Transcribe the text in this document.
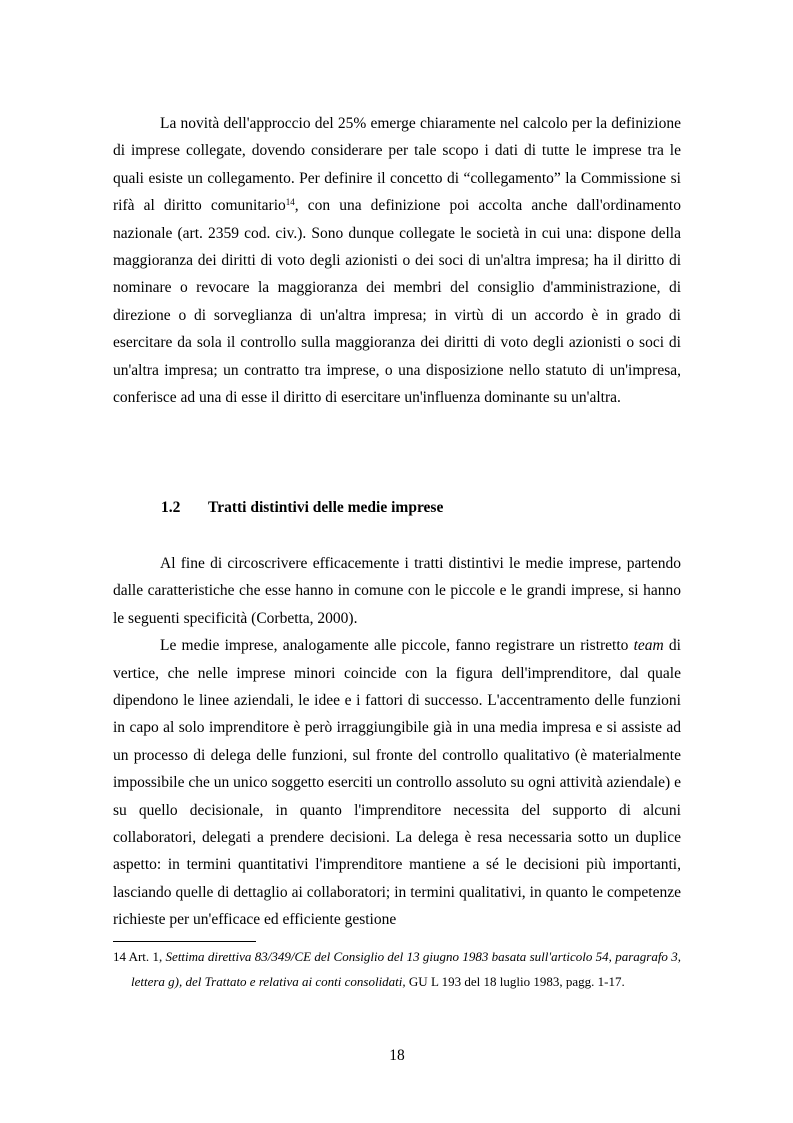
La novità dell'approccio del 25% emerge chiaramente nel calcolo per la definizione di imprese collegate, dovendo considerare per tale scopo i dati di tutte le imprese tra le quali esiste un collegamento. Per definire il concetto di “collegamento” la Commissione si rifà al diritto comunitario$^{14}$, con una definizione poi accolta anche dall'ordinamento nazionale (art. 2359 cod. civ.). Sono dunque collegate le società in cui una: dispone della maggioranza dei diritti di voto degli azionisti o dei soci di un'altra impresa; ha il diritto di nominare o revocare la maggioranza dei membri del consiglio d'amministrazione, di direzione o di sorveglianza di un'altra impresa; in virtù di un accordo è in grado di esercitare da sola il controllo sulla maggioranza dei diritti di voto degli azionisti o soci di un'altra impresa; un contratto tra imprese, o una disposizione nello statuto di un'impresa, conferisce ad una di esse il diritto di esercitare un'influenza dominante su un'altra.

1.2 Tratti distintivi delle medie imprese

Al fine di circoscrivere efficacemente i tratti distintivi le medie imprese, partendo dalle caratteristiche che esse hanno in comune con le piccole e le grandi imprese, si hanno le seguenti specificità (Corbetta, 2000).

Le medie imprese, analogamente alle piccole, fanno registrare un ristretto team di vertice, che nelle imprese minori coincide con la figura dell'imprenditore, dal quale dipendono le linee aziendali, le idee e i fattori di successo. L'accentramento delle funzioni in capo al solo imprenditore è però irraggiungibile già in una media impresa e si assiste ad un processo di delega delle funzioni, sul fronte del controllo qualitativo (è materialmente impossibile che un unico soggetto eserciti un controllo assoluto su ogni attività aziendale) e su quello decisionale, in quanto l'imprenditore necessita del supporto di alcuni collaboratori, delegati a prendere decisioni. La delega è resa necessaria sotto un duplice aspetto: in termini quantitativi l'imprenditore mantiene a sé le decisioni più importanti, lasciando quelle di dettaglio ai collaboratori; in termini qualitativi, in quanto le competenze richieste per un'efficace ed efficiente gestione

14 Art. 1, Settima direttiva 83/349/CE del Consiglio del 13 giugno 1983 basata sull'articolo 54, paragrafo 3, lettera g), del Trattato e relativa ai conti consolidati, GU L 193 del 18 luglio 1983, pagg. 1-17.

18
